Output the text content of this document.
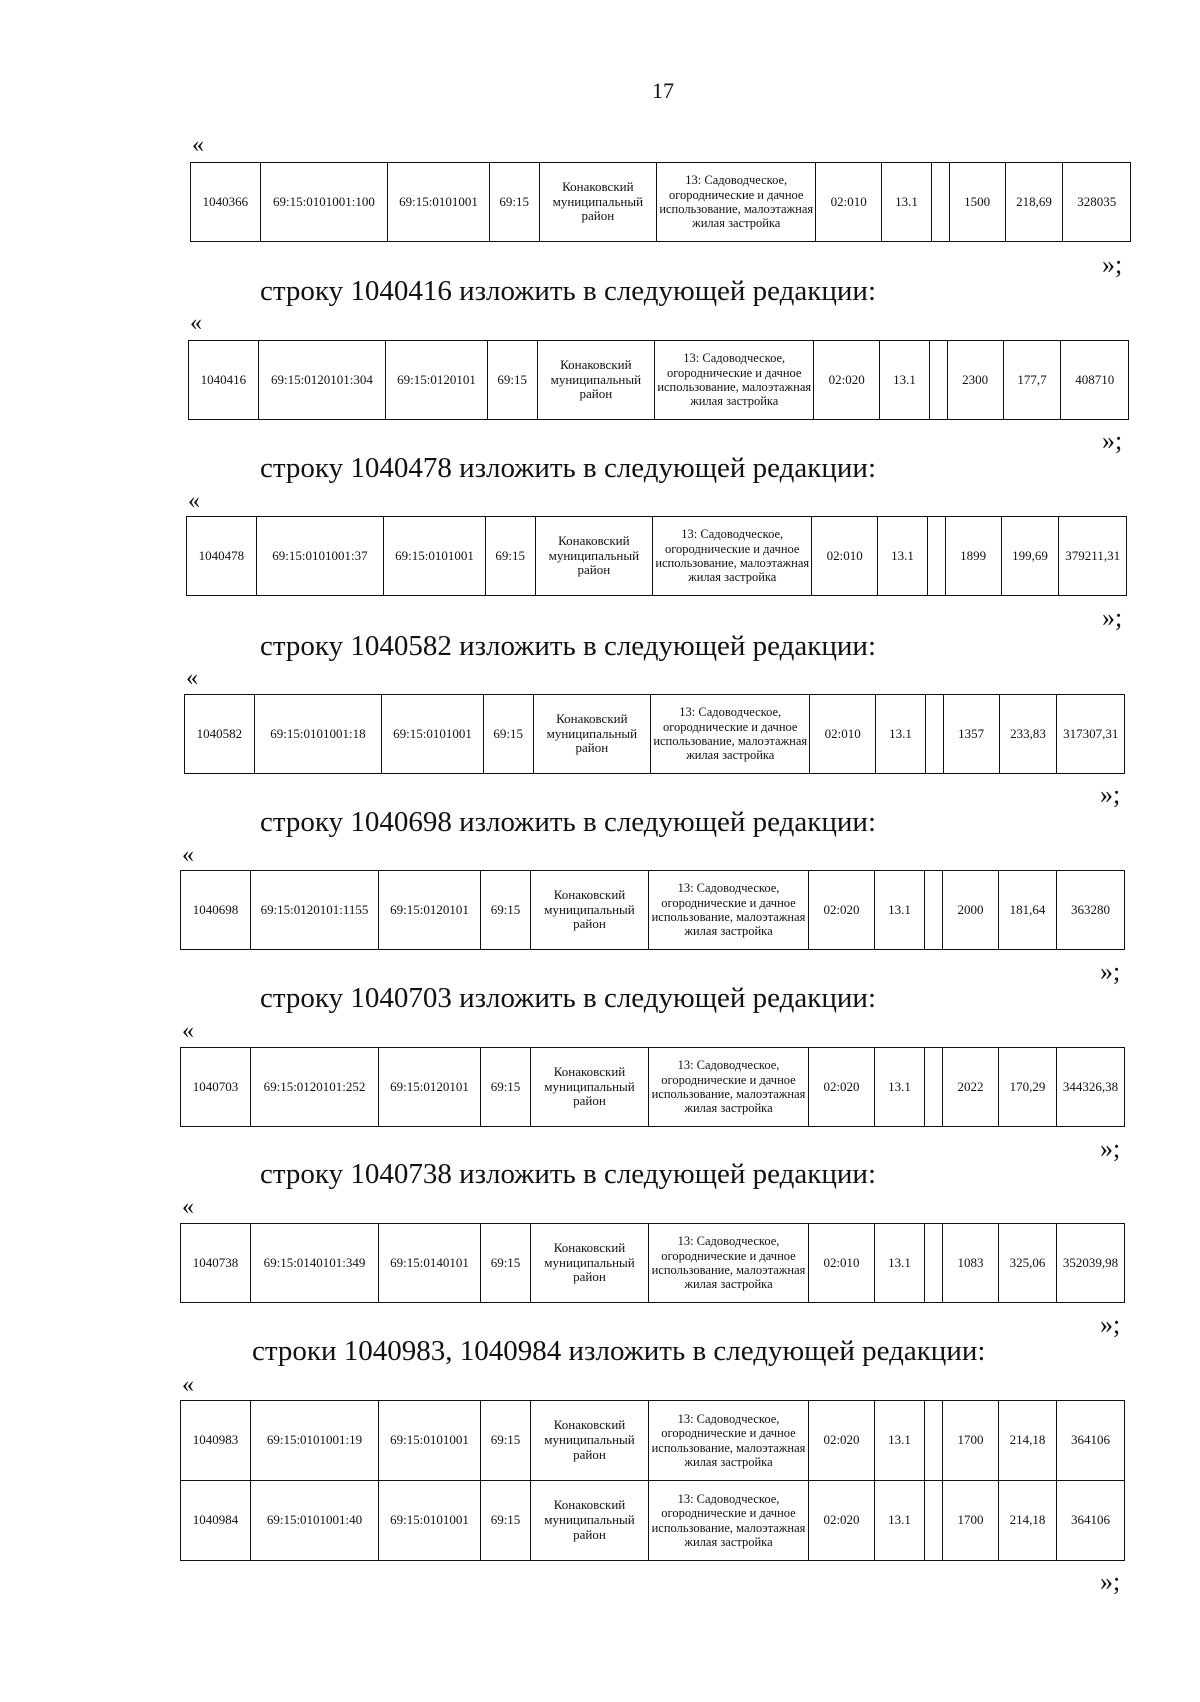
17
«
1040366	69:15:0101001:100	69:15:0101001	69:15	Конаковский муниципальный район	13: Садоводческое, огороднические и дачное использование, малоэтажная жилая застройка	02:010	13.1		1500	218,69	328035
»;
строку 1040416 изложить в следующей редакции:
«
1040416	69:15:0120101:304	69:15:0120101	69:15	Конаковский муниципальный район	13: Садоводческое, огороднические и дачное использование, малоэтажная жилая застройка	02:020	13.1		2300	177,7	408710
»;
строку 1040478 изложить в следующей редакции:
«
1040478	69:15:0101001:37	69:15:0101001	69:15	Конаковский муниципальный район	13: Садоводческое, огороднические и дачное использование, малоэтажная жилая застройка	02:010	13.1		1899	199,69	379211,31
»;
строку 1040582 изложить в следующей редакции:
«
1040582	69:15:0101001:18	69:15:0101001	69:15	Конаковский муниципальный район	13: Садоводческое, огороднические и дачное использование, малоэтажная жилая застройка	02:010	13.1		1357	233,83	317307,31
»;
строку 1040698 изложить в следующей редакции:
«
1040698	69:15:0120101:1155	69:15:0120101	69:15	Конаковский муниципальный район	13: Садоводческое, огороднические и дачное использование, малоэтажная жилая застройка	02:020	13.1		2000	181,64	363280
»;
строку 1040703 изложить в следующей редакции:
«
1040703	69:15:0120101:252	69:15:0120101	69:15	Конаковский муниципальный район	13: Садоводческое, огороднические и дачное использование, малоэтажная жилая застройка	02:020	13.1		2022	170,29	344326,38
»;
строку 1040738 изложить в следующей редакции:
«
1040738	69:15:0140101:349	69:15:0140101	69:15	Конаковский муниципальный район	13: Садоводческое, огороднические и дачное использование, малоэтажная жилая застройка	02:010	13.1		1083	325,06	352039,98
»;
строки 1040983, 1040984 изложить в следующей редакции:
«
1040983	69:15:0101001:19	69:15:0101001	69:15	Конаковский муниципальный район	13: Садоводческое, огороднические и дачное использование, малоэтажная жилая застройка	02:020	13.1		1700	214,18	364106
1040984	69:15:0101001:40	69:15:0101001	69:15	Конаковский муниципальный район	13: Садоводческое, огороднические и дачное использование, малоэтажная жилая застройка	02:020	13.1		1700	214,18	364106
»;
